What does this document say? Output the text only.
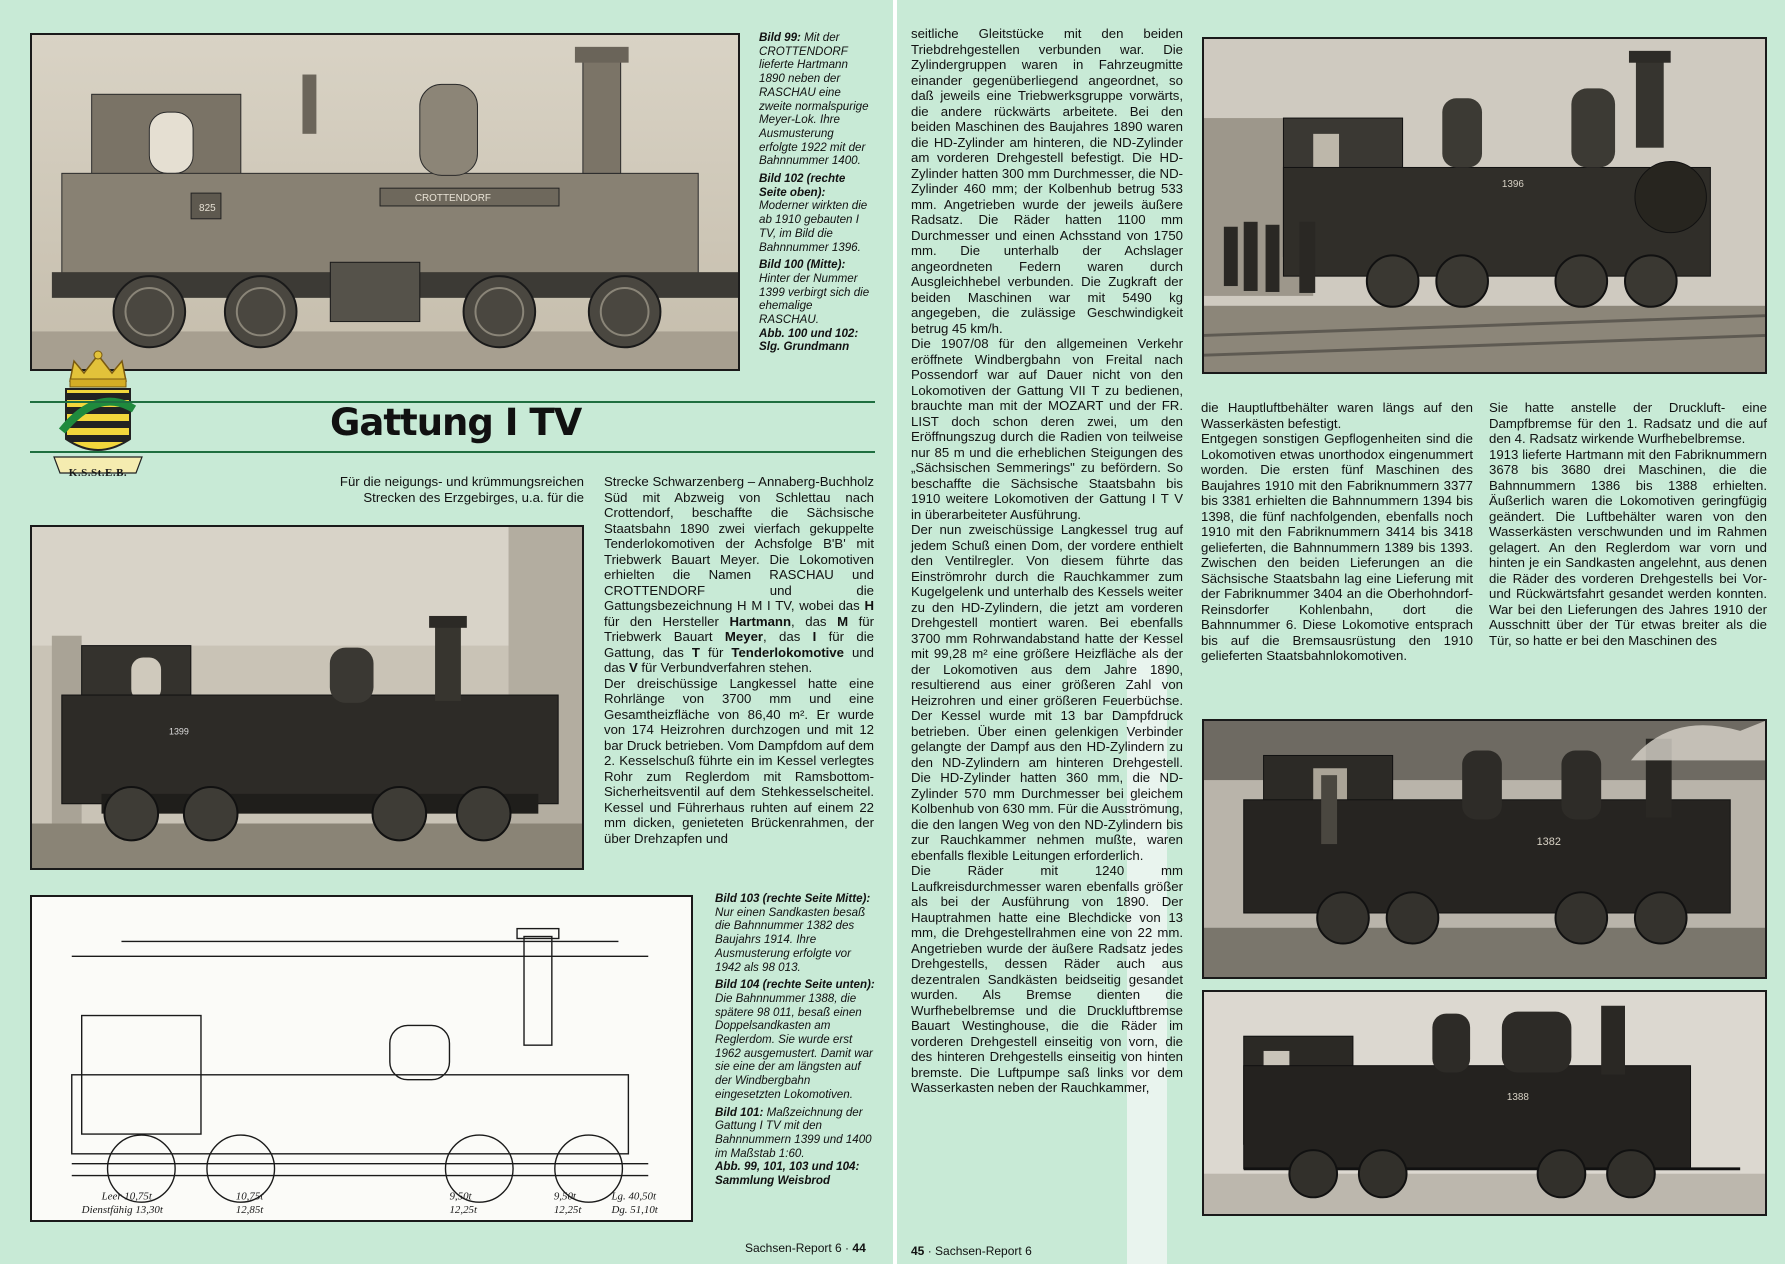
CROTTENDORF
825

Bild 99: Mit der CROTTENDORF lieferte Hartmann 1890 neben der RASCHAU eine zweite normalspurige Meyer-Lok. Ihre Ausmusterung erfolgte 1922 mit der Bahnnummer 1400.

Bild 102 (rechte Seite oben): Moderner wirkten die ab 1910 gebauten I TV, im Bild die Bahnnummer 1396.

Bild 100 (Mitte): Hinter der Nummer 1399 verbirgt sich die ehemalige RASCHAU.
Abb. 100 und 102: Slg. Grundmann

K.S.St.E.B.
Gattung I TV

Für die neigungs- und krümmungsreichen Strecken des Erzgebirges, u.a. für die

1399

Strecke Schwarzenberg – Annaberg-Buchholz Süd mit Abzweig von Schlettau nach Crottendorf, beschaffte die Sächsische Staatsbahn 1890 zwei vierfach gekuppelte Tenderlokomotiven der Achsfolge B'B' mit Triebwerk Bauart Meyer. Die Lokomotiven erhielten die Namen RASCHAU und CROTTENDORF und die Gattungsbezeichnung H M I TV, wobei das H für den Hersteller Hartmann, das M für Triebwerk Bauart Meyer, das I für die Gattung, das T für Tenderlokomotive und das V für Verbundverfahren stehen.

Der dreischüssige Langkessel hatte eine Rohrlänge von 3700 mm und eine Gesamtheizfläche von 86,40 m². Er wurde von 174 Heizrohren durchzogen und mit 12 bar Druck betrieben. Vom Dampfdom auf dem 2. Kesselschuß führte ein im Kessel verlegtes Rohr zum Reglerdom mit Ramsbottom-Sicherheitsventil auf dem Stehkesselscheitel. Kessel und Führerhaus ruhten auf einem 22 mm dicken, genieteten Brückenrahmen, der über Drehzapfen und

Leer 10,75t
Dienstfähig 13,30t
10,75t
12,85t
9,50t
12,25t
9,50t
12,25t
Lg. 40,50t
Dg. 51,10t

Bild 103 (rechte Seite Mitte): Nur einen Sandkasten besaß die Bahnnummer 1382 des Baujahrs 1914. Ihre Ausmusterung erfolgte vor 1942 als 98 013.

Bild 104 (rechte Seite unten): Die Bahnnummer 1388, die spätere 98 011, besaß einen Doppelsandkasten am Reglerdom. Sie wurde erst 1962 ausgemustert. Damit war sie eine der am längsten auf der Windbergbahn eingesetzten Lokomotiven.

Bild 101: Maßzeichnung der Gattung I TV mit den Bahnnummern 1399 und 1400 im Maßstab 1:60.
Abb. 99, 101, 103 und 104: Sammlung Weisbrod

Sachsen-Report 6 · 44

seitliche Gleitstücke mit den beiden Triebdrehgestellen verbunden war. Die Zylindergruppen waren in Fahrzeugmitte einander gegenüberliegend angeordnet, so daß jeweils eine Triebwerksgruppe vorwärts, die andere rückwärts arbeitete. Bei den beiden Maschinen des Baujahres 1890 waren die HD-Zylinder am hinteren, die ND-Zylinder am vorderen Drehgestell befestigt. Die HD-Zylinder hatten 300 mm Durchmesser, die ND-Zylinder 460 mm; der Kolbenhub betrug 533 mm. Angetrieben wurde der jeweils äußere Radsatz. Die Räder hatten 1100 mm Durchmesser und einen Achsstand von 1750 mm. Die unterhalb der Achslager angeordneten Federn waren durch Ausgleichhebel verbunden. Die Zugkraft der beiden Maschinen war mit 5490 kg angegeben, die zulässige Geschwindigkeit betrug 45 km/h.

Die 1907/08 für den allgemeinen Verkehr eröffnete Windbergbahn von Freital nach Possendorf war auf Dauer nicht von den Lokomotiven der Gattung VII T zu bedienen, brauchte man mit der MOZART und der FR. LIST doch schon deren zwei, um den Eröffnungszug durch die Radien von teilweise nur 85 m und die erheblichen Steigungen des „Sächsischen Semmerings" zu befördern. So beschaffte die Sächsische Staatsbahn bis 1910 weitere Lokomotiven der Gattung I T V in überarbeiteter Ausführung.

Der nun zweischüssige Langkessel trug auf jedem Schuß einen Dom, der vordere enthielt den Ventilregler. Von diesem führte das Einströmrohr durch die Rauchkammer zum Kugelgelenk und unterhalb des Kessels weiter zu den HD-Zylindern, die jetzt am vorderen Drehgestell montiert waren. Bei ebenfalls 3700 mm Rohrwandabstand hatte der Kessel mit 99,28 m² eine größere Heizfläche als der der Lokomotiven aus dem Jahre 1890, resultierend aus einer größeren Zahl von Heizrohren und einer größeren Feuerbüchse. Der Kessel wurde mit 13 bar Dampfdruck betrieben. Über einen gelenkigen Verbinder gelangte der Dampf aus den HD-Zylindern zu den ND-Zylindern am hinteren Drehgestell. Die HD-Zylinder hatten 360 mm, die ND-Zylinder 570 mm Durchmesser bei gleichem Kolbenhub von 630 mm. Für die Ausströmung, die den langen Weg von den ND-Zylindern bis zur Rauchkammer nehmen mußte, waren ebenfalls flexible Leitungen erforderlich.

Die Räder mit 1240 mm Laufkreisdurchmesser waren ebenfalls größer als bei der Ausführung von 1890. Der Hauptrahmen hatte eine Blechdicke von 13 mm, die Drehgestellrahmen eine von 22 mm. Angetrieben wurde der äußere Radsatz jedes Drehgestells, dessen Räder auch aus dezentralen Sandkästen beidseitig gesandet wurden. Als Bremse dienten die Wurfhebelbremse und die Druckluftbremse Bauart Westinghouse, die die Räder im vorderen Drehgestell einseitig von vorn, die des hinteren Drehgestells einseitig von hinten bremste. Die Luftpumpe saß links vor dem Wasserkasten neben der Rauchkammer,

1396

die Hauptluftbehälter waren längs auf den Wasserkästen befestigt.

Entgegen sonstigen Gepflogenheiten sind die Lokomotiven etwas unorthodox eingenummert worden. Die ersten fünf Maschinen des Baujahres 1910 mit den Fabriknummern 3377 bis 3381 erhielten die Bahnnummern 1394 bis 1398, die fünf nachfolgenden, ebenfalls noch 1910 mit den Fabriknummern 3414 bis 3418 gelieferten, die Bahnnummern 1389 bis 1393. Zwischen den beiden Lieferungen an die Sächsische Staatsbahn lag eine Lieferung mit der Fabriknummer 3404 an die Oberhohndorf-Reinsdorfer Kohlenbahn, dort die Bahnnummer 6. Diese Lokomotive entsprach bis auf die Bremsausrüstung den 1910 gelieferten Staatsbahnlokomotiven.

Sie hatte anstelle der Druckluft- eine Dampfbremse für den 1. Radsatz und die auf den 4. Radsatz wirkende Wurfhebelbremse.

1913 lieferte Hartmann mit den Fabriknummern 3678 bis 3680 drei Maschinen, die die Bahnnummern 1386 bis 1388 erhielten. Äußerlich waren die Lokomotiven geringfügig geändert. Die Luftbehälter waren von den Wasserkästen verschwunden und im Rahmen gelagert. An den Reglerdom war vorn und hinten je ein Sandkasten angelehnt, aus denen die Räder des vorderen Drehgestells bei Vor- und Rückwärtsfahrt gesandet werden konnten. War bei den Lieferungen des Jahres 1910 der Ausschnitt über der Tür etwas breiter als die Tür, so hatte er bei den Maschinen des

1382
1388
45 · Sachsen-Report 6
